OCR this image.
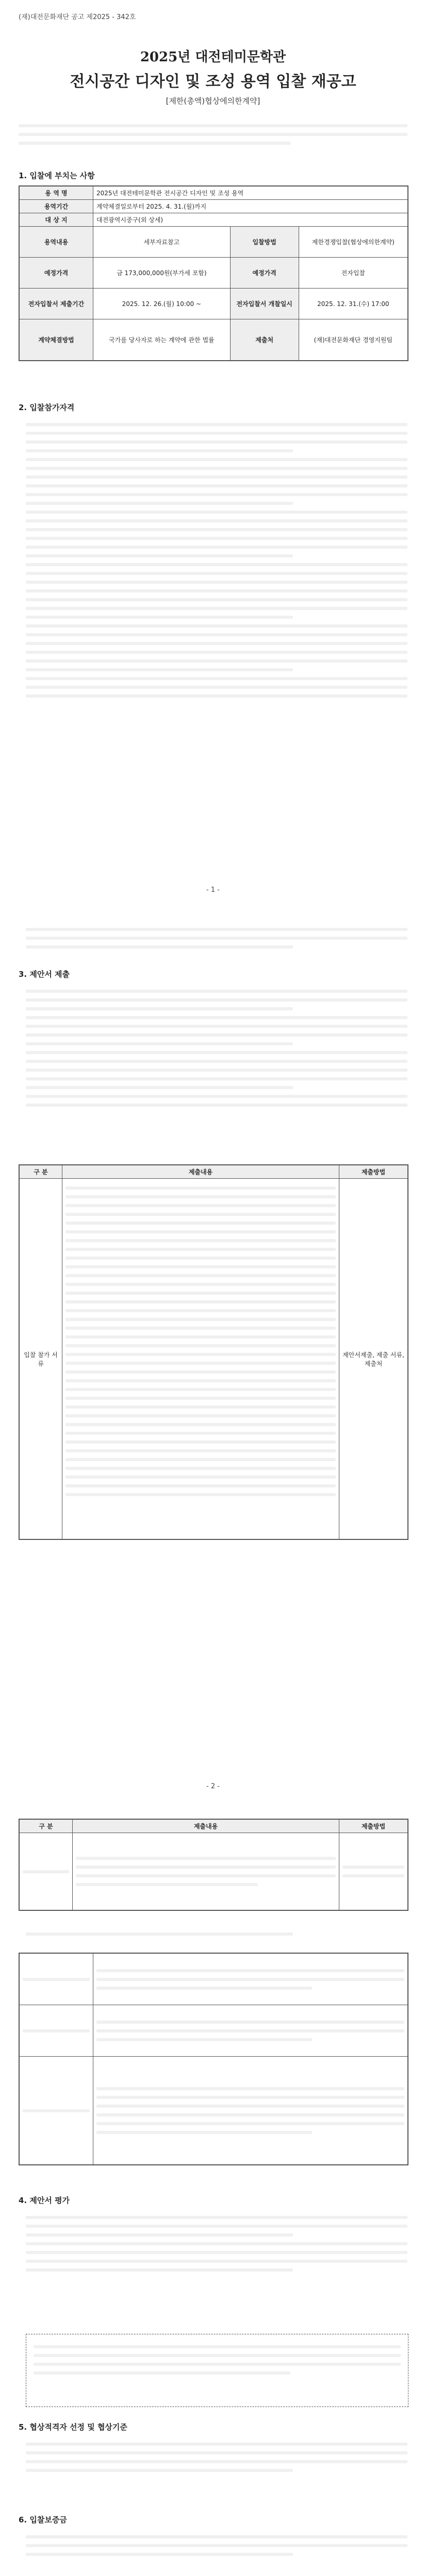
(재)대전문화재단 공고 제2025 - 342호

2025년 대전테미문학관

전시공간 디자인 및 조성 용역 입찰 재공고

[제한(총액)협상에의한계약]

1. 입찰에 부치는 사항
용 역 명	2025년 대전테미문학관 전시공간 디자인 및 조성 용역		
용역기간	계약체결일로부터 2025. 4. 31.(월)까지		
대 상 지	대전광역시중구(외 상세)		
용역내용	세부자료참고	입찰방법	제한경쟁입찰(협상에의한계약)
예정가격	금 173,000,000원(부가세 포함)	예정가격	전자입찰
전자입찰서 제출기간	2025. 12. 26.(월) 10:00 ~	전자입찰서 개찰일시	2025. 12. 31.(수) 17:00
계약체결방법	국가를 당사자로 하는 계약에 관한 법률	제출처	(재)대전문화재단 경영지원팀
2. 입찰참가자격
- 1 -
3. 제안서 제출
구 분	제출내용	제출방법
입찰 참가 서류		제안서제출, 제출 서류, 제출처
- 2 -
구 분	제출내용	제출방법

4. 제안서 평가
5. 협상적격자 선정 및 협상기준
6. 입찰보증금
